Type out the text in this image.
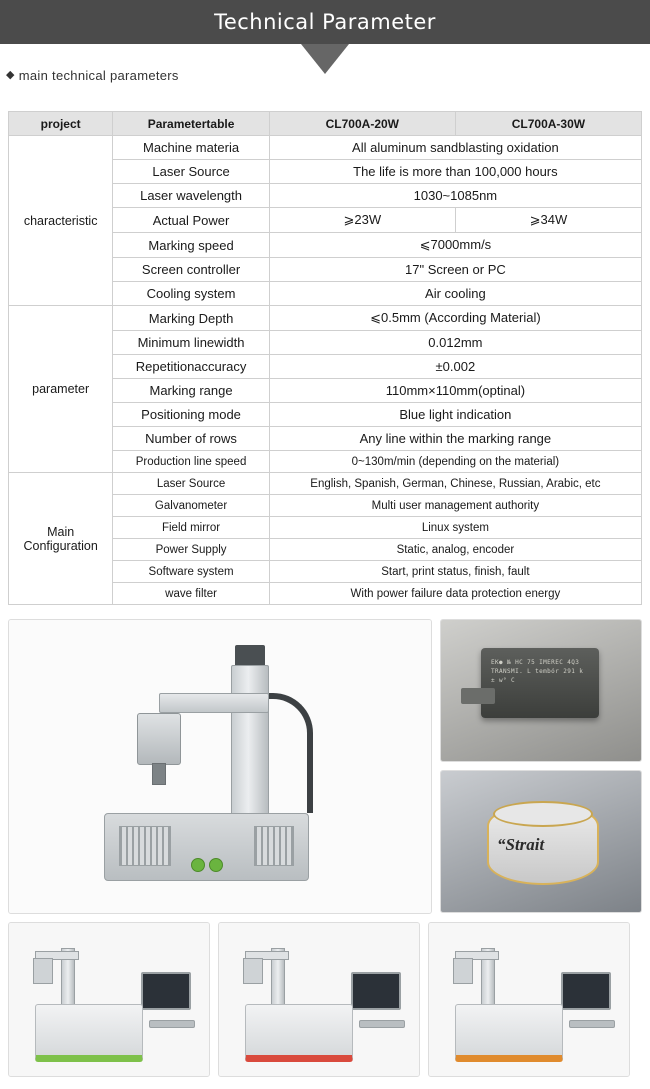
Technical Parameter
◆ main technical parameters
project	Parametertable	CL700A-20W	CL700A-30W
characteristic	Machine materia	All aluminum sandblasting oxidation	
	Laser Source	The life is more than 100,000 hours	
	Laser wavelength	1030~1085nm	
	Actual Power	⩾23W	⩾34W
	Marking speed	⩽7000mm/s	
	Screen controller	17" Screen or PC	
	Cooling system	Air cooling	
parameter	Marking Depth	⩽0.5mm (According Material)	
	Minimum linewidth	0.012mm	
	Repetitionaccuracy	±0.002	
	Marking range	110mm×110mm(optinal)	
	Positioning mode	Blue light indication	
	Number of rows	Any line within the marking range	
	Production line speed	0~130m/min (depending on the material)	
Main Configuration	Laser Source	English, Spanish, German, Chinese, Russian, Arabic, etc	
	Galvanometer	Multi user management authority	
	Field mirror	Linux system	
	Power Supply	Static, analog, encoder	
	Software system	Start, print status, finish, fault	
	wave filter	With power failure data protection energy	
EK● № HC 75 IMEREC 4Q3 TRANSMI. L tembór 291 k ± w° C
“Strait
